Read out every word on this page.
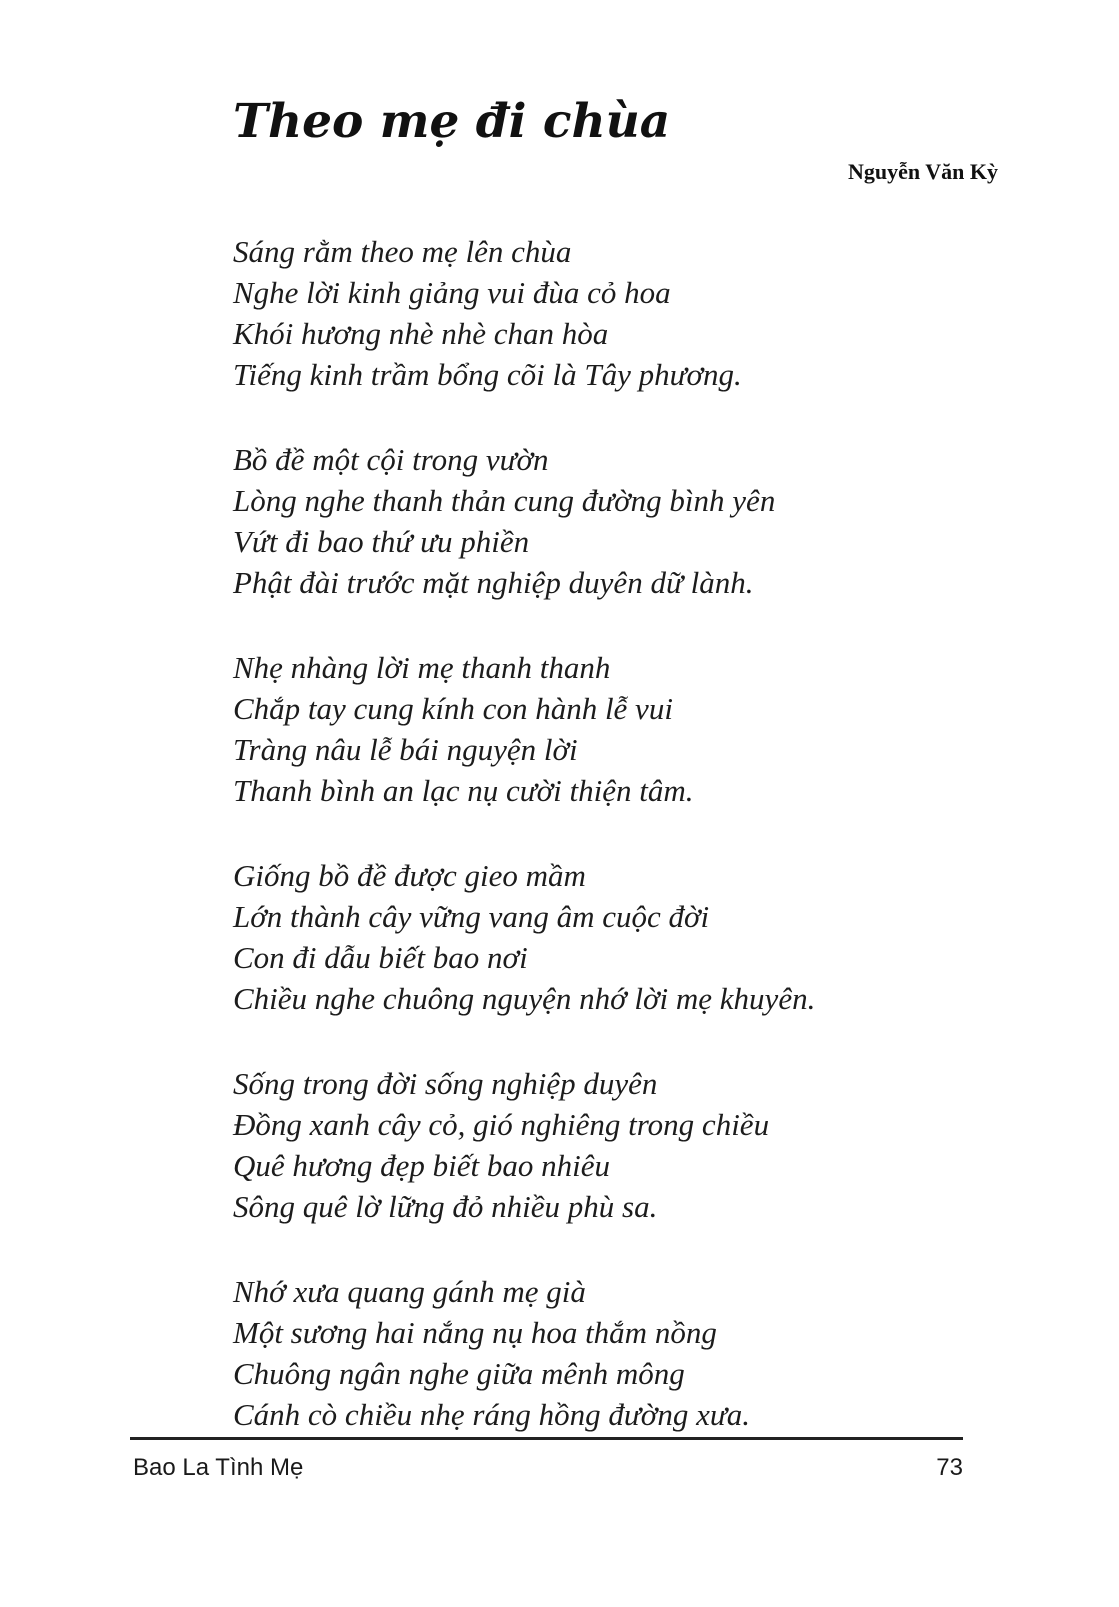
Theo mẹ đi chùa
Nguyễn Văn Kỳ
Sáng rằm theo mẹ lên chùa
Nghe lời kinh giảng vui đùa cỏ hoa
Khói hương nhè nhè chan hòa
Tiếng kinh trầm bổng cõi là Tây phương.
Bồ đề một cội trong vườn
Lòng nghe thanh thản cung đường bình yên
Vứt đi bao thứ ưu phiền
Phật đài trước mặt nghiệp duyên dữ lành.
Nhẹ nhàng lời mẹ thanh thanh
Chắp tay cung kính con hành lễ vui
Tràng nâu lễ bái nguyện lời
Thanh bình an lạc nụ cười thiện tâm.
Giống bồ đề được gieo mầm
Lớn thành cây vững vang âm cuộc đời
Con đi dẫu biết bao nơi
Chiều nghe chuông nguyện nhớ lời mẹ khuyên.
Sống trong đời sống nghiệp duyên
Đồng xanh cây cỏ, gió nghiêng trong chiều
Quê hương đẹp biết bao nhiêu
Sông quê lờ lững đỏ nhiều phù sa.
Nhớ xưa quang gánh mẹ già
Một sương hai nắng nụ hoa thắm nồng
Chuông ngân nghe giữa mênh mông
Cánh cò chiều nhẹ ráng hồng đường xưa.
Bao La Tình Mẹ	73
